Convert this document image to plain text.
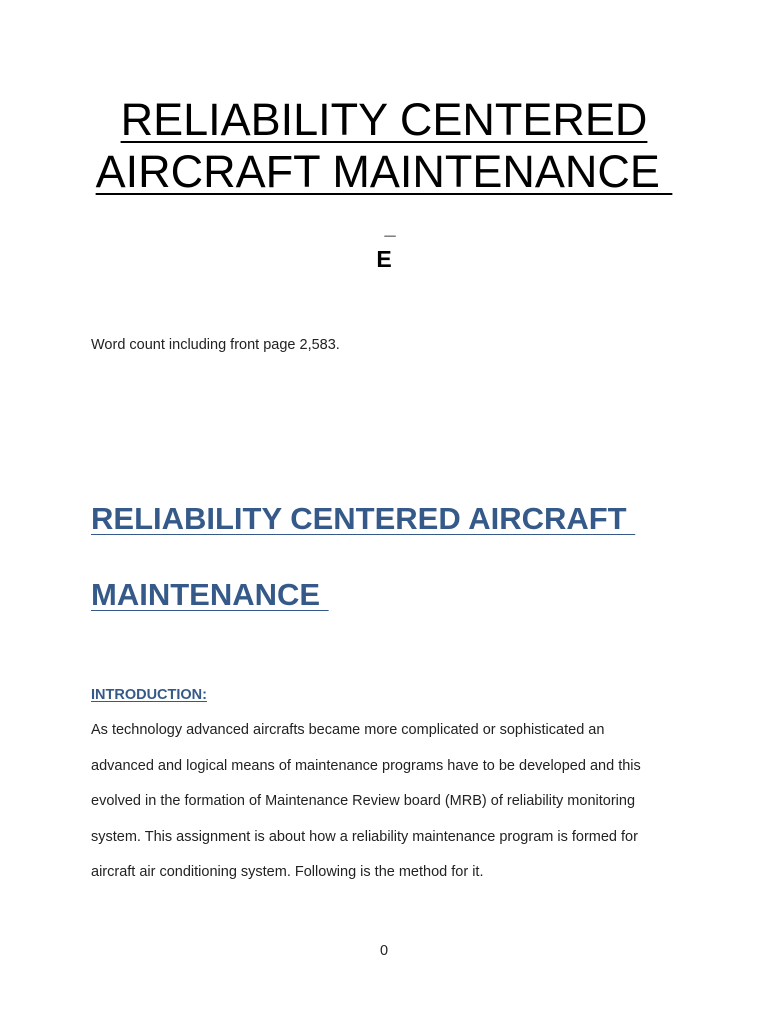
RELIABILITY CENTERED
AIRCRAFT MAINTENANCE
_
E
Word count including front page 2,583.
RELIABILITY CENTERED AIRCRAFT
MAINTENANCE
INTRODUCTION:
As technology advanced aircrafts became more complicated or sophisticated an
advanced and logical means of maintenance programs have to be developed and this
evolved in the formation of Maintenance Review board (MRB) of reliability monitoring
system. This assignment is about how a reliability maintenance program is formed for
aircraft air conditioning system. Following is the method for it.
0
